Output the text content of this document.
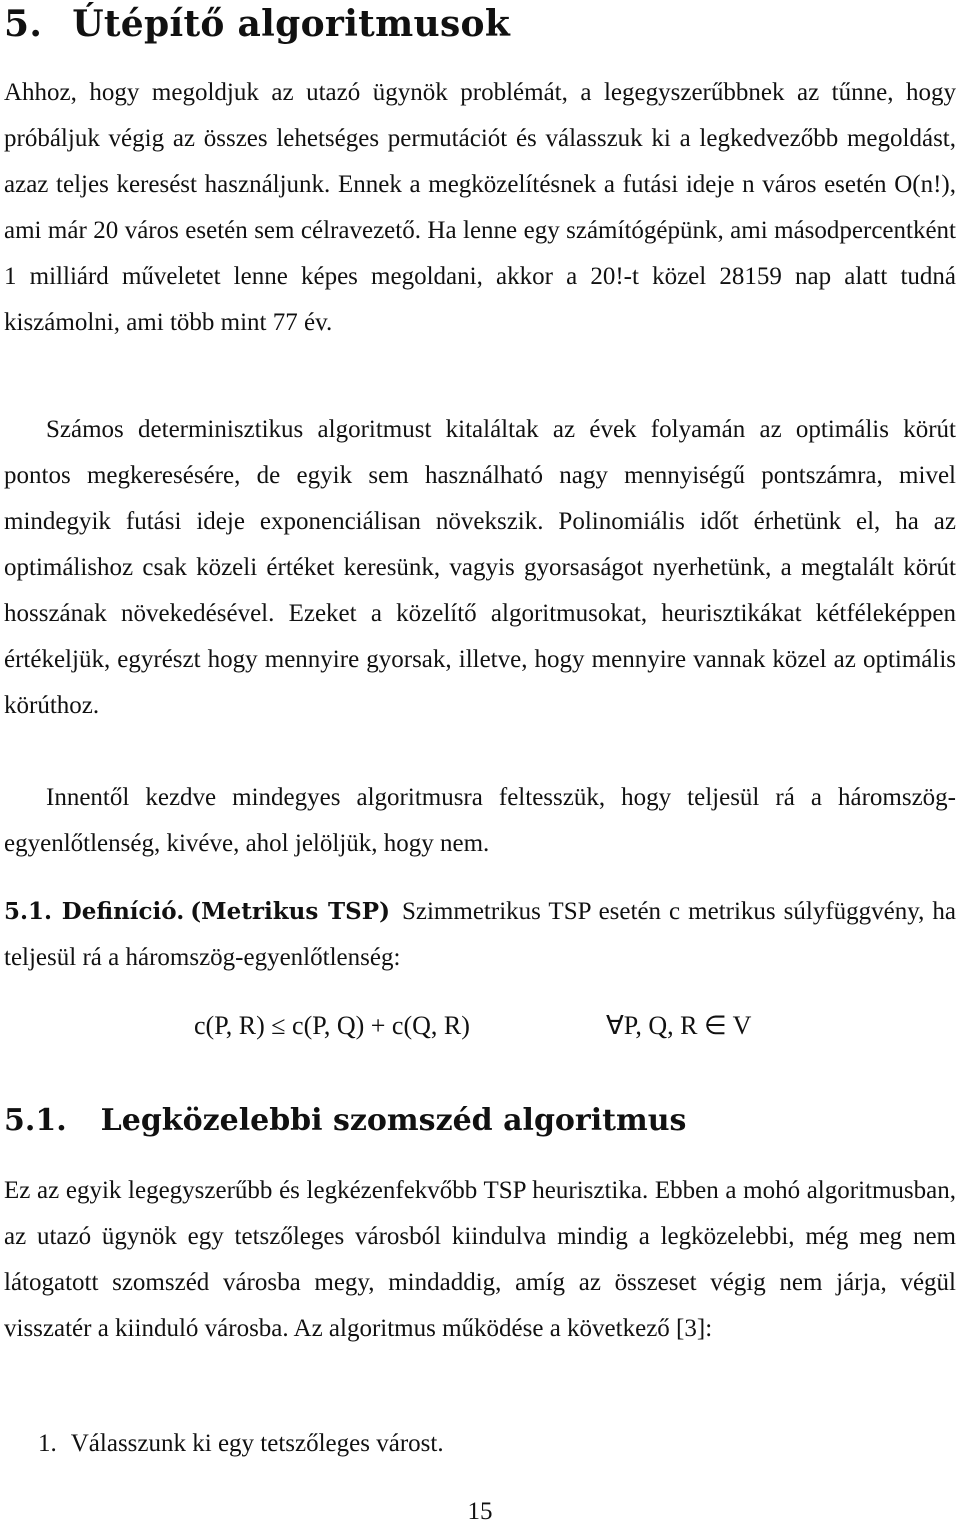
5. Útépítő algoritmusok

Ahhoz, hogy megoldjuk az utazó ügynök problémát, a legegyszerűbbnek az tűnne, hogy próbáljuk végig az összes lehetséges permutációt és válasszuk ki a legkedvezőbb megoldást, azaz teljes keresést használjunk. Ennek a megközelítésnek a futási ideje n város esetén O(n!), ami már 20 város esetén sem célravezető. Ha lenne egy számítógépünk, ami másodpercentként 1 milliárd műveletet lenne képes megoldani, akkor a 20!-t közel 28159 nap alatt tudná kiszámolni, ami több mint 77 év.

Számos determinisztikus algoritmust kitaláltak az évek folyamán az optimális körút pontos megkeresésére, de egyik sem használható nagy mennyiségű pontszámra, mivel mindegyik futási ideje exponenciálisan növekszik. Polinomiális időt érhetünk el, ha az optimálishoz csak közeli értéket keresünk, vagyis gyorsaságot nyerhetünk, a megtalált körút hosszának növekedésével. Ezeket a közelítő algoritmusokat, heurisztikákat kétféleképpen értékeljük, egyrészt hogy mennyire gyorsak, illetve, hogy mennyire vannak közel az optimális körúthoz.

Innentől kezdve mindegyes algoritmusra feltesszük, hogy teljesül rá a háromszög-egyenlőtlenség, kivéve, ahol jelöljük, hogy nem.

5.1. Definíció. (Metrikus TSP) Szimmetrikus TSP esetén c metrikus súlyfüggvény, ha teljesül rá a háromszög-egyenlőtlenség:

c(P, R) ≤ c(P, Q) + c(Q, R)	∀P, Q, R ∈ V
5.1. Legközelebbi szomszéd algoritmus

Ez az egyik legegyszerűbb és legkézenfekvőbb TSP heurisztika. Ebben a mohó algoritmusban, az utazó ügynök egy tetszőleges városból kiindulva mindig a legközelebbi, még meg nem látogatott szomszéd városba megy, mindaddig, amíg az összeset végig nem járja, végül visszatér a kiinduló városba. Az algoritmus működése a következő [3]:

1. Válasszunk ki egy tetszőleges várost.
15
